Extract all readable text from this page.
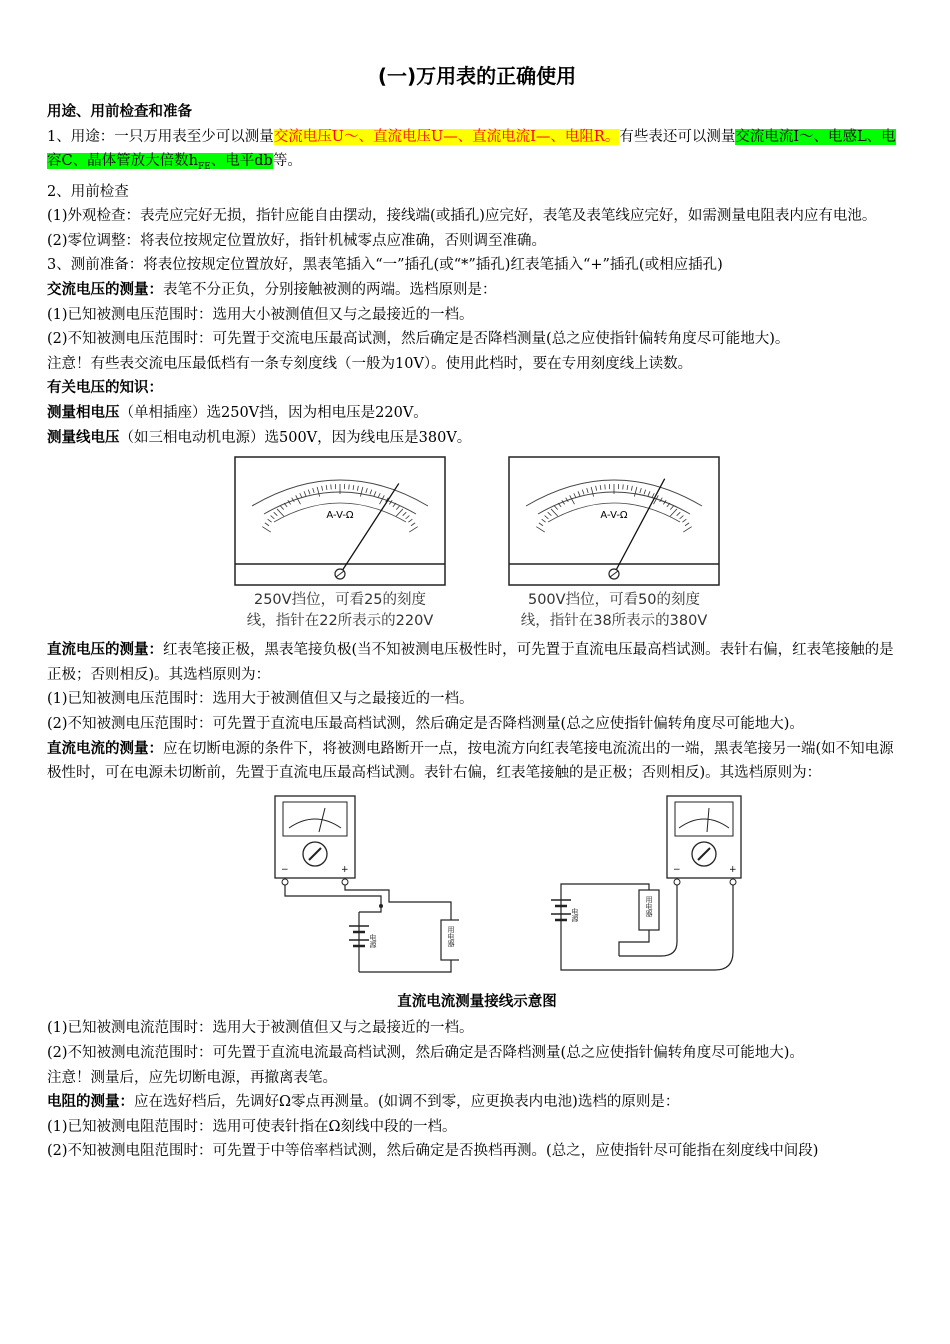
(一)万用表的正确使用

用途、用前检查和准备

1、用途：一只万用表至少可以测量交流电压U～、直流电压U—、直流电流I—、电阻R。有些表还可以测量交流电流I～、电感L、电容C、晶体管放大倍数$h_{FE}$、电平db等。

2、用前检查

(1)外观检查：表壳应完好无损，指针应能自由摆动，接线端(或插孔)应完好，表笔及表笔线应完好，如需测量电阻表内应有电池。

(2)零位调整：将表位按规定位置放好，指针机械零点应准确，否则调至准确。

3、测前准备：将表位按规定位置放好，黑表笔插入“一”插孔(或“*”插孔)红表笔插入“+”插孔(或相应插孔)

交流电压的测量：表笔不分正负，分别接触被测的两端。选档原则是：

(1)已知被测电压范围时：选用大小被测值但又与之最接近的一档。

(2)不知被测电压范围时：可先置于交流电压最高试测，然后确定是否降档测量(总之应使指针偏转角度尽可能地大)。

注意！有些表交流电压最低档有一条专刻度线（一般为10V）。使用此档时，要在专用刻度线上读数。

有关电压的知识：

测量相电压（单相插座）选250V挡，因为相电压是220V。

测量线电压（如三相电动机电源）选500V，因为线电压是380V。

A-V-Ω
250V挡位，可看25的刻度
线，指针在22所表示的220V
A-V-Ω
500V挡位，可看50的刻度
线，指针在38所表示的380V

直流电压的测量：红表笔接正极，黑表笔接负极(当不知被测电压极性时，可先置于直流电压最高档试测。表针右偏，红表笔接触的是正极；否则相反)。其选档原则为：

(1)已知被测电压范围时：选用大于被测值但又与之最接近的一档。

(2)不知被测电压范围时：可先置于直流电压最高档试测，然后确定是否降档测量(总之应使指针偏转角度尽可能地大)。

直流电流的测量：应在切断电源的条件下，将被测电路断开一点，按电流方向红表笔接电流流出的一端，黑表笔接另一端(如不知电源极性时，可在电源未切断前，先置于直流电压最高档试测。表针右偏，红表笔接触的是正极；否则相反)。其选档原则为：

−	+
电源	用电器
−	+
电源	用电器
直流电流测量接线示意图

(1)已知被测电流范围时：选用大于被测值但又与之最接近的一档。

(2)不知被测电流范围时：可先置于直流电流最高档试测，然后确定是否降档测量(总之应使指针偏转角度尽可能地大)。

注意！测量后，应先切断电源，再撤离表笔。

电阻的测量：应在选好档后，先调好Ω零点再测量。(如调不到零，应更换表内电池)选档的原则是：

(1)已知被测电阻范围时：选用可使表针指在Ω刻线中段的一档。

(2)不知被测电阻范围时：可先置于中等倍率档试测，然后确定是否换档再测。(总之，应使指针尽可能指在刻度线中间段)
